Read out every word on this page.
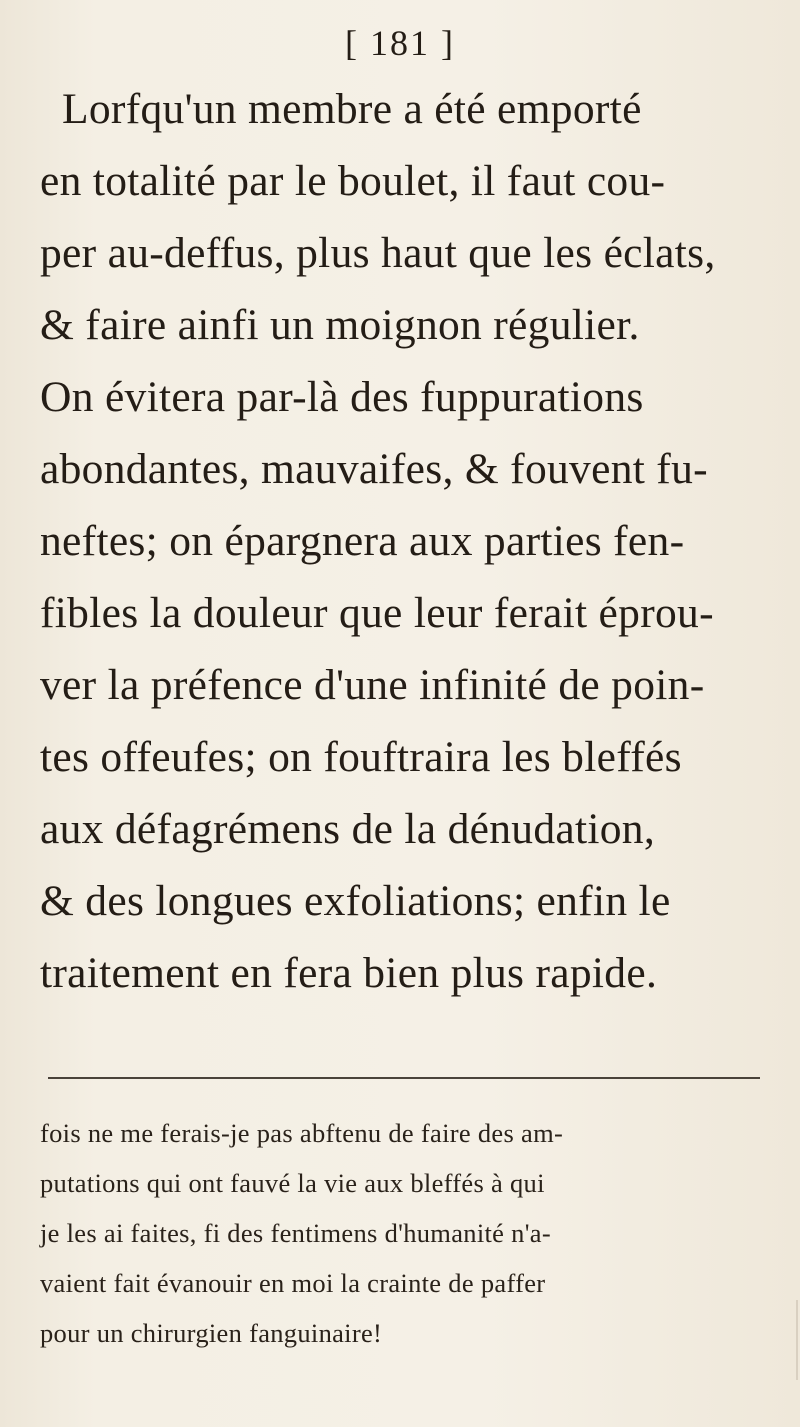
[ 181 ]
Lorfqu'un membre a été emporté
en totalité par le boulet, il faut cou-
per au-deffus, plus haut que les éclats,
& faire ainfi un moignon régulier.
On évitera par-là des fuppurations
abondantes, mauvaifes, & fouvent fu-
neftes; on épargnera aux parties fen-
fibles la douleur que leur ferait éprou-
ver la préfence d'une infinité de poin-
tes offeufes; on fouftraira les bleffés
aux défagrémens de la dénudation,
& des longues exfoliations; enfin le
traitement en fera bien plus rapide.
fois ne me ferais-je pas abftenu de faire des am-
putations qui ont fauvé la vie aux bleffés à qui
je les ai faites, fi des fentimens d'humanité n'a-
vaient fait évanouir en moi la crainte de paffer
pour un chirurgien fanguinaire!
